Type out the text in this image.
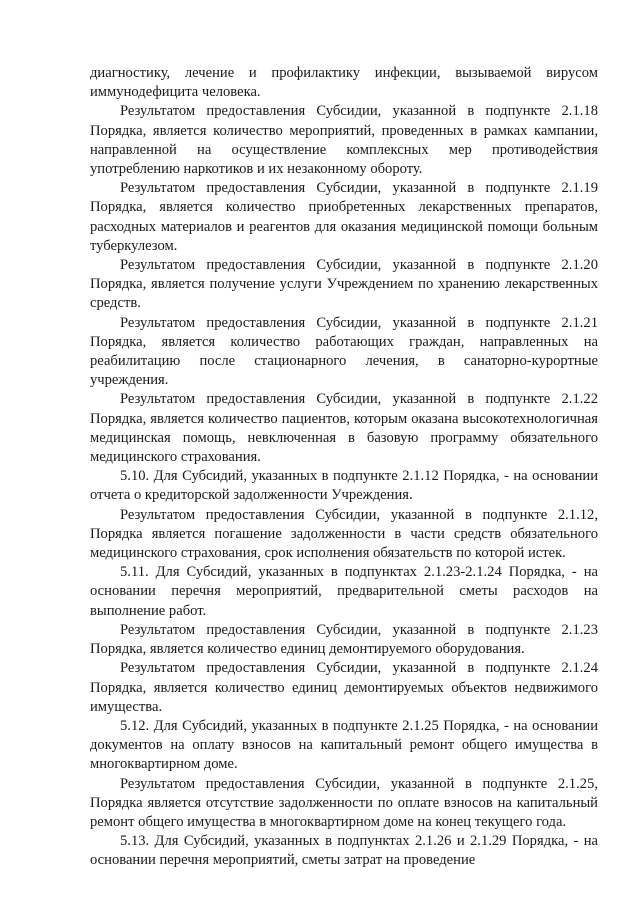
диагностику, лечение и профилактику инфекции, вызываемой вирусом иммунодефицита человека.

Результатом предоставления Субсидии, указанной в подпункте 2.1.18 Порядка, является количество мероприятий, проведенных в рамках кампании, направленной на осуществление комплексных мер противодействия употреблению наркотиков и их незаконному обороту.

Результатом предоставления Субсидии, указанной в подпункте 2.1.19 Порядка, является количество приобретенных лекарственных препаратов, расходных материалов и реагентов для оказания медицинской помощи больным туберкулезом.

Результатом предоставления Субсидии, указанной в подпункте 2.1.20 Порядка, является получение услуги Учреждением по хранению лекарственных средств.

Результатом предоставления Субсидии, указанной в подпункте 2.1.21 Порядка, является количество работающих граждан, направленных на реабилитацию после стационарного лечения, в санаторно-курортные учреждения.

Результатом предоставления Субсидии, указанной в подпункте 2.1.22 Порядка, является количество пациентов, которым оказана высокотехнологичная медицинская помощь, невключенная в базовую программу обязательного медицинского страхования.

5.10. Для Субсидий, указанных в подпункте 2.1.12 Порядка, - на основании отчета о кредиторской задолженности Учреждения.

Результатом предоставления Субсидии, указанной в подпункте 2.1.12, Порядка является погашение задолженности в части средств обязательного медицинского страхования, срок исполнения обязательств по которой истек.

5.11. Для Субсидий, указанных в подпунктах 2.1.23-2.1.24 Порядка, - на основании перечня мероприятий, предварительной сметы расходов на выполнение работ.

Результатом предоставления Субсидии, указанной в подпункте 2.1.23 Порядка, является количество единиц демонтируемого оборудования.

Результатом предоставления Субсидии, указанной в подпункте 2.1.24 Порядка, является количество единиц демонтируемых объектов недвижимого имущества.

5.12. Для Субсидий, указанных в подпункте 2.1.25 Порядка, - на основании документов на оплату взносов на капитальный ремонт общего имущества в многоквартирном доме.

Результатом предоставления Субсидии, указанной в подпункте 2.1.25, Порядка является отсутствие задолженности по оплате взносов на капитальный ремонт общего имущества в многоквартирном доме на конец текущего года.

5.13. Для Субсидий, указанных в подпунктах 2.1.26 и 2.1.29 Порядка, - на основании перечня мероприятий, сметы затрат на проведение
